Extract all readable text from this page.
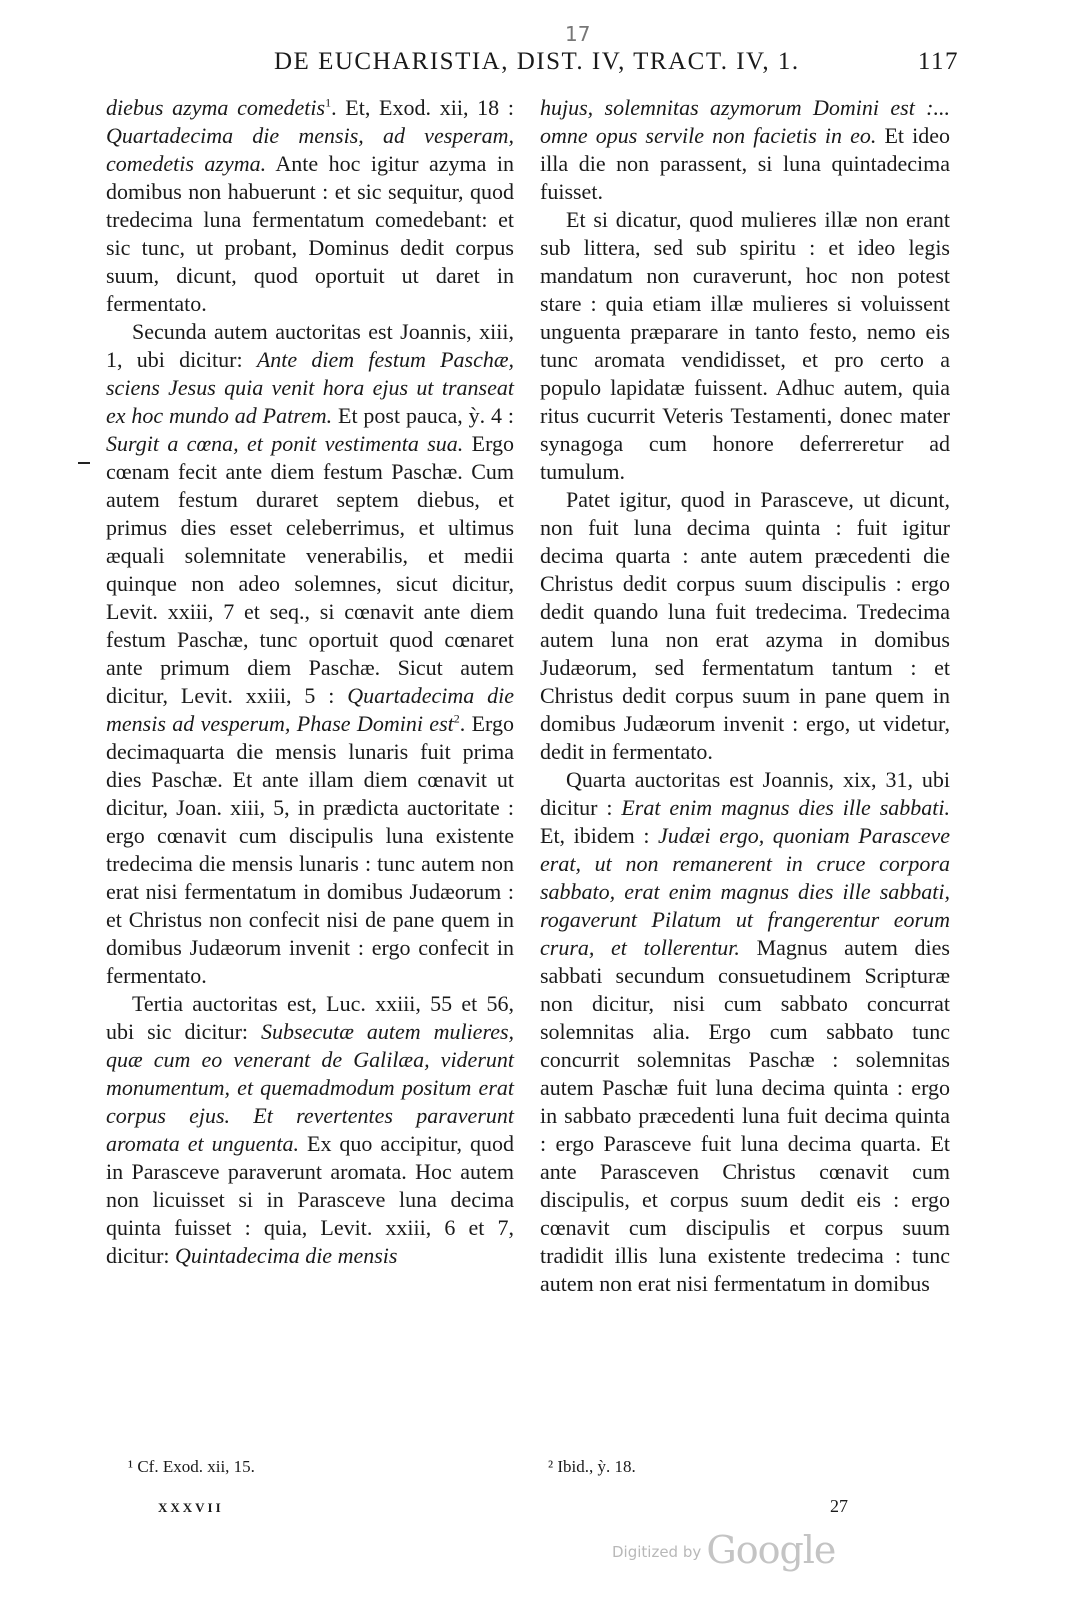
17
DE EUCHARISTIA, DIST. IV, TRACT. IV, 1.	117

diebus azyma comedetis$^1$. Et, Exod. xii, 18 : Quartadecima die mensis, ad vesperam, comedetis azyma. Ante hoc igitur azyma in domibus non habuerunt : et sic sequitur, quod tredecima luna fermentatum comedebant: et sic tunc, ut probant, Dominus dedit corpus suum, dicunt, quod oportuit ut daret in fermentato.

Secunda autem auctoritas est Joannis, xiii, 1, ubi dicitur: Ante diem festum Paschæ, sciens Jesus quia venit hora ejus ut transeat ex hoc mundo ad Patrem. Et post pauca, ỳ. 4 : Surgit a cœna, et ponit vestimenta sua. Ergo cœnam fecit ante diem festum Paschæ. Cum autem festum duraret septem diebus, et primus dies esset celeberrimus, et ultimus æquali solemnitate venerabilis, et medii quinque non adeo solemnes, sicut dicitur, Levit. xxiii, 7 et seq., si cœnavit ante diem festum Paschæ, tunc oportuit quod cœnaret ante primum diem Paschæ. Sicut autem dicitur, Levit. xxiii, 5 : Quartadecima die mensis ad vesperum, Phase Domini est$^2$. Ergo decimaquarta die mensis lunaris fuit prima dies Paschæ. Et ante illam diem cœnavit ut dicitur, Joan. xiii, 5, in prædicta auctoritate : ergo cœnavit cum discipulis luna existente tredecima die mensis lunaris : tunc autem non erat nisi fermentatum in domibus Judæorum : et Christus non confecit nisi de pane quem in domibus Judæorum invenit : ergo confecit in fermentato.

Tertia auctoritas est, Luc. xxiii, 55 et 56, ubi sic dicitur: Subsecutæ autem mulieres, quæ cum eo venerant de Galilæa, viderunt monumentum, et quemadmodum positum erat corpus ejus. Et revertentes paraverunt aromata et unguenta. Ex quo accipitur, quod in Parasceve paraverunt aromata. Hoc autem non licuisset si in Parasceve luna decima quinta fuisset : quia, Levit. xxiii, 6 et 7, dicitur: Quintadecima die mensis

hujus, solemnitas azymorum Domini est :... omne opus servile non facietis in eo. Et ideo illa die non parassent, si luna quintadecima fuisset.

Et si dicatur, quod mulieres illæ non erant sub littera, sed sub spiritu : et ideo legis mandatum non curaverunt, hoc non potest stare : quia etiam illæ mulieres si voluissent unguenta præparare in tanto festo, nemo eis tunc aromata vendidisset, et pro certo a populo lapidatæ fuissent. Adhuc autem, quia ritus cucurrit Veteris Testamenti, donec mater synagoga cum honore deferreretur ad tumulum.

Patet igitur, quod in Parasceve, ut dicunt, non fuit luna decima quinta : fuit igitur decima quarta : ante autem præcedenti die Christus dedit corpus suum discipulis : ergo dedit quando luna fuit tredecima. Tredecima autem luna non erat azyma in domibus Judæorum, sed fermentatum tantum : et Christus dedit corpus suum in pane quem in domibus Judæorum invenit : ergo, ut videtur, dedit in fermentato.

Quarta auctoritas est Joannis, xix, 31, ubi dicitur : Erat enim magnus dies ille sabbati. Et, ibidem : Judæi ergo, quoniam Parasceve erat, ut non remanerent in cruce corpora sabbato, erat enim magnus dies ille sabbati, rogaverunt Pilatum ut frangerentur eorum crura, et tollerentur. Magnus autem dies sabbati secundum consuetudinem Scripturæ non dicitur, nisi cum sabbato concurrat solemnitas alia. Ergo cum sabbato tunc concurrit solemnitas Paschæ : solemnitas autem Paschæ fuit luna decima quinta : ergo in sabbato præcedenti luna fuit decima quinta : ergo Parasceve fuit luna decima quarta. Et ante Parasceven Christus cœnavit cum discipulis, et corpus suum dedit eis : ergo cœnavit cum discipulis et corpus suum tradidit illis luna existente tredecima : tunc autem non erat nisi fermentatum in domibus

¹ Cf. Exod. xii, 15.	² Ibid., ỳ. 18.
XXXVII	27
Digitized by Google
